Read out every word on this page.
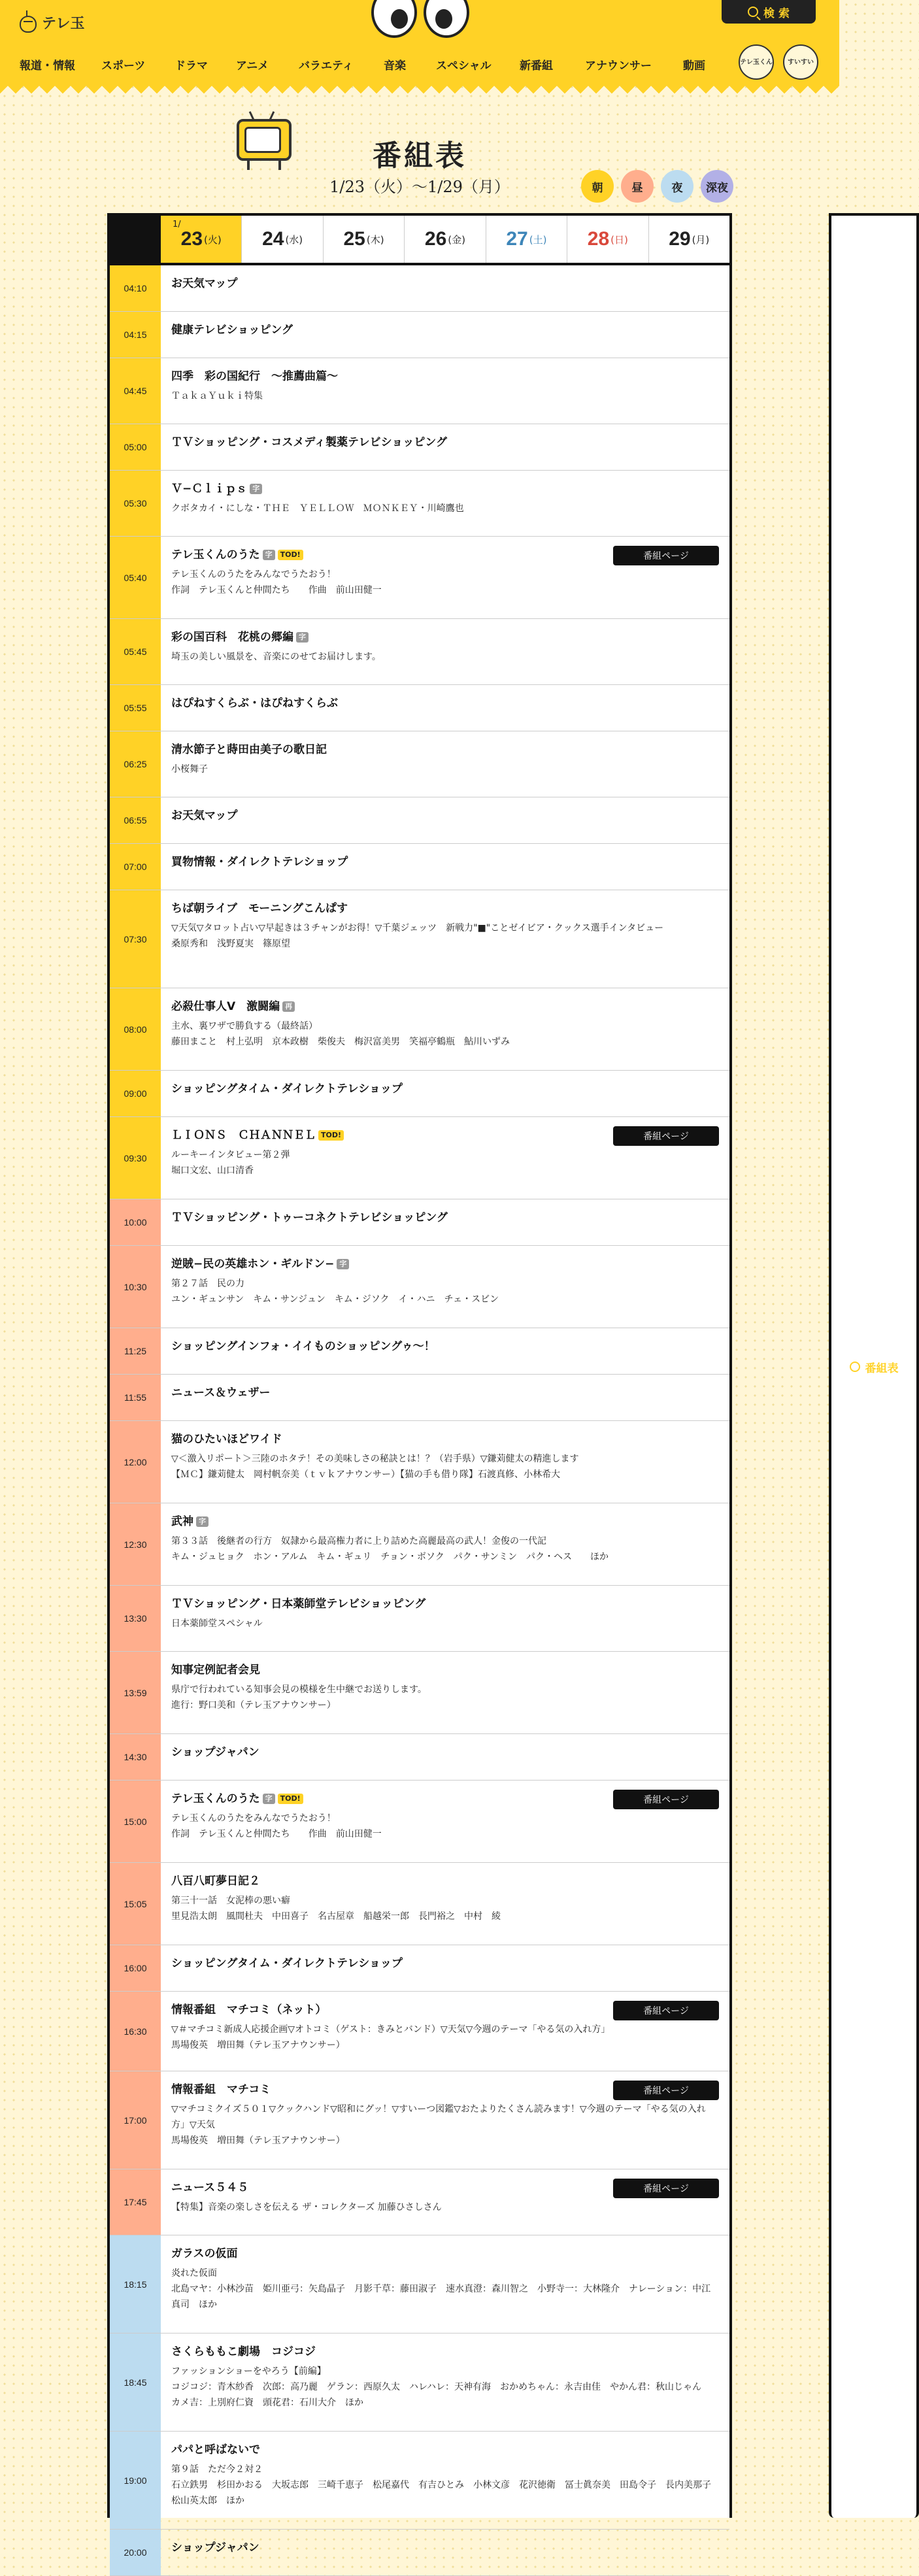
テレ玉
番組表
検 索
報道・情報	スポーツ	ドラマ	アニメ	バラエティ	音楽	スペシャル	新番組	アナウンサー	動画	テレ玉くん	すいすい
番組表
1/23（火）〜1/29（月）	朝	昼	夜	深夜
1/
23 (火) 24 (水) 25 (木) 26 (金) 27 (土) 28 (日) 29 (月)
04:10	お天気マップ
04:15	健康テレビショッピング
04:45
四季　彩の国紀行　〜推薦曲篇〜
ＴａｋａＹｕｋｉ特集
05:00	ＴＶショッピング・コスメディ製薬テレビショッピング
05:30
Ｖ−Ｃｌｉｐｓ 字
クボタカイ・にしな・ＴＨＥ　ＹＥＬＬＯＷ　ＭＯＮＫＥＹ・川崎鷹也
05:40
テレ玉くんのうた 字	TOD!
テレ玉くんのうたをみんなでうたおう！
作詞　テレ玉くんと仲間たち　　作曲　前山田健一
番組ページ
05:45
彩の国百科　花桃の郷編 字
埼玉の美しい風景を、音楽にのせてお届けします。
05:55	はぴねすくらぶ・はぴねすくらぶ
06:25
清水節子と蒔田由美子の歌日記
小桜舞子
06:55	お天気マップ
07:00	買物情報・ダイレクトテレショップ
07:30
ちば朝ライブ　モーニングこんぱす
▽天気▽タロット占い▽早起きは３チャンがお得！▽千葉ジェッツ　新戦力"■"ことゼイビア・クックス選手インタビュー
桑原秀和　浅野夏実　篠原望
08:00
必殺仕事人Ⅴ　激闘編 再
主水、裏ワザで勝負する（最終話）
藤田まこと　村上弘明　京本政樹　柴俊夫　梅沢富美男　笑福亭鶴瓶　鮎川いずみ
09:00	ショッピングタイム・ダイレクトテレショップ
09:30
ＬＩＯＮＳ　ＣＨＡＮＮＥＬ TOD!
ルーキーインタビュー第２弾
堀口文宏、山口清香
番組ページ
10:00	ＴＶショッピング・トゥーコネクトテレビショッピング
10:30
逆賊−民の英雄ホン・ギルドン− 字
第２７話　民の力
ユン・ギュンサン　キム・サンジュン　キム・ジソク　イ・ハニ　チェ・スビン
11:25	ショッピングインフォ・イイものショッピングゥ〜！
11:55	ニュース＆ウェザー
12:00
猫のひたいほどワイド
▽＜激入リポート＞三陸のホタテ！その美味しさの秘訣とは！？（岩手県）▽鎌苅健太の精進します
【ＭＣ】鎌苅健太　岡村帆奈美（ｔｖｋアナウンサー）【猫の手も借り隊】石渡真修、小林希大
12:30
武神 字
第３３話　後継者の行方　奴隷から最高権力者に上り詰めた高麗最高の武人！金俊の一代記
キム・ジュヒョク　ホン・アルム　キム・ギュリ　チョン・ボソク　パク・サンミン　パク・ヘス　　ほか
13:30
ＴＶショッピング・日本薬師堂テレビショッピング
日本薬師堂スペシャル
13:59
知事定例記者会見
県庁で行われている知事会見の模様を生中継でお送りします。
進行：野口美和（テレ玉アナウンサー）
14:30	ショップジャパン
15:00
テレ玉くんのうた 字	TOD!
テレ玉くんのうたをみんなでうたおう！
作詞　テレ玉くんと仲間たち　　作曲　前山田健一
番組ページ
15:05
八百八町夢日記２
第三十一話　女泥棒の悪い癖
里見浩太朗　風間杜夫　中田喜子　名古屋章　船越栄一郎　長門裕之　中村　綾
16:00	ショッピングタイム・ダイレクトテレショップ
16:30
情報番組　マチコミ（ネット）
▽＃マチコミ新成人応援企画▽オトコミ（ゲスト：きみとバンド）▽天気▽今週のテーマ「やる気の入れ方」
馬場俊英　増田舞（テレ玉アナウンサー）
番組ページ
17:00
情報番組　マチコミ
▽マチコミクイズ５０１▽クックハンド▽昭和にグッ！▽すいーつ図鑑▽おたよりたくさん読みます！▽今週のテーマ「やる気の入れ方」▽天気
馬場俊英　増田舞（テレ玉アナウンサー）
番組ページ
17:45
ニュース５４５
【特集】音楽の楽しさを伝える ザ・コレクターズ 加藤ひさしさん
番組ページ
18:15
ガラスの仮面
炎れた仮面
北島マヤ：小林沙苗　姫川亜弓：矢島晶子　月影千草：藤田淑子　速水真澄：森川智之　小野寺一：大林隆介　ナレーション：中江真司　ほか
18:45
さくらももこ劇場　コジコジ
ファッションショーをやろう【前編】
コジコジ：青木紗香　次郎：高乃麗　ゲラン：西原久太　ハレハレ：天神有海　おかめちゃん：永吉由佳　やかん君：秋山じゃん　カメ吉：上別府仁資　頭花君：石川大介　ほか
19:00
パパと呼ばないで
第９話　ただ今２対２
石立鉄男　杉田かおる　大坂志郎　三崎千恵子　松尾嘉代　有吉ひとみ　小林文彦　花沢徳衛　冨士眞奈美　田島令子　長内美那子　松山英太郎　ほか
20:00	ショップジャパン
